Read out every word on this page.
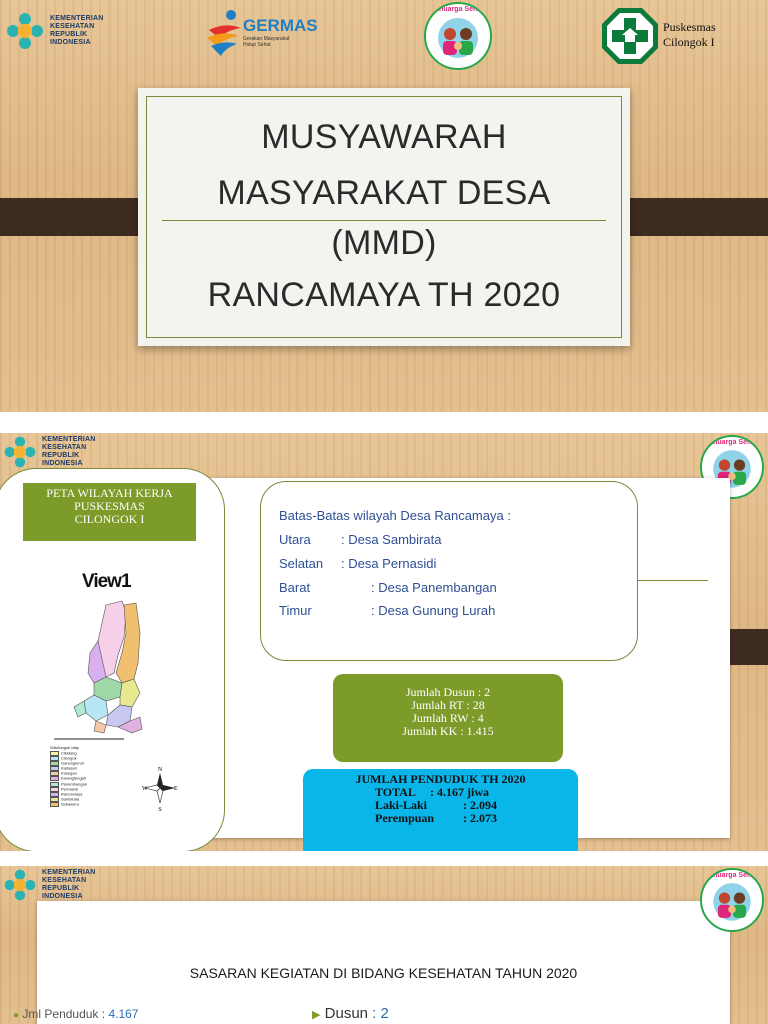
KEMENTERIAN
KESEHATAN
REPUBLIK
INDONESIA
GERMAS
Gerakan Masyarakat
Hidup Sehat
Keluarga Sehat
Puskesmas
Cilongok I
MUSYAWARAH
MASYARAKAT DESA
(MMD)
RANCAMAYA TH 2020
KEMENTERIAN
KESEHATAN
REPUBLIK
INDONESIA
Keluarga Sehat
PETA WILAYAH KERJA
PUSKESMAS
CILONGOK I
View1
Wilcilongok Ialtp
Cikidang
Cilongok
Ganungluruh
Karlasari
Kasegan
Karangtengah
Panembangan
Pernasidi
Rancamaya
Sambirata
Sokawera
N
S
W	E
Batas-Batas wilayah Desa Rancamaya :
Utara : Desa Sambirata
Selatan : Desa Pernasidi
Barat	: Desa Panembangan
Timur	: Desa Gunung Lurah
Jumlah Dusun : 2
Jumlah RT : 28
Jumlah RW : 4
Jumlah KK : 1.415
JUMLAH PENDUDUK TH 2020
TOTAL : 4.167 jiwa
Laki-Laki	: 2.094
Perempuan : 2.073
KEMENTERIAN
KESEHATAN
REPUBLIK
INDONESIA
SASARAN KEGIATAN DI BIDANG KESEHATAN TAHUN 2020
Keluarga Sehat
● Jml Penduduk : 4.167	▶ Dusun : 2
